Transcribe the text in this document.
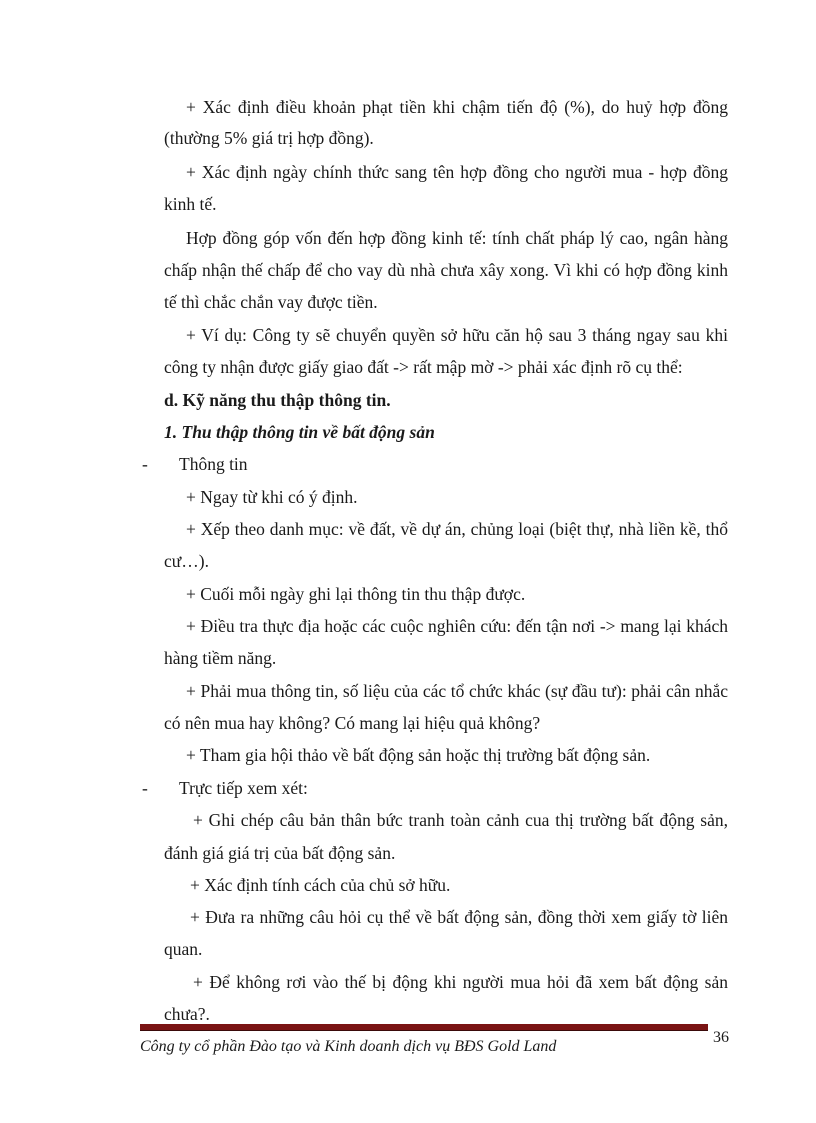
+ Xác định điều khoản phạt tiền khi chậm tiến độ (%), do huỷ hợp đồng
(thường 5% giá trị hợp đồng).
+ Xác định ngày chính thức sang tên hợp đồng cho người mua - hợp đồng
kinh tế.
Hợp đồng góp vốn đến hợp đồng kinh tế: tính chất pháp lý cao, ngân hàng
chấp nhận thế chấp để cho vay dù nhà chưa xây xong. Vì khi có hợp đồng kinh
tế thì chắc chắn vay được tiền.
+ Ví dụ: Công ty sẽ chuyển quyền sở hữu căn hộ sau 3 tháng ngay sau khi
công ty nhận được giấy giao đất -> rất mập mờ -> phải xác định rõ cụ thể:
d. Kỹ năng thu thập thông tin.
1. Thu thập thông tin về bất động sản
- Thông tin
+ Ngay từ khi có ý định.
+ Xếp theo danh mục: về đất, về dự án, chủng loại (biệt thự, nhà liền kề, thổ
cư…).
+ Cuối mỗi ngày ghi lại thông tin thu thập được.
+ Điều tra thực địa hoặc các cuộc nghiên cứu: đến tận nơi -> mang lại khách
hàng tiềm năng.
+ Phải mua thông tin, số liệu của các tổ chức khác (sự đầu tư): phải cân nhắc
có nên mua hay không? Có mang lại hiệu quả không?
+ Tham gia hội thảo về bất động sản hoặc thị trường bất động sản.
- Trực tiếp xem xét:
+ Ghi chép câu bản thân bức tranh toàn cảnh cua thị trường bất động sản,
đánh giá giá trị của bất động sản.
+ Xác định tính cách của chủ sở hữu.
+ Đưa ra những câu hỏi cụ thể về bất động sản, đồng thời xem giấy tờ liên
quan.
+ Để không rơi vào thế bị động khi người mua hỏi đã xem bất động sản
chưa?.
36
Công ty cổ phần Đào tạo và Kinh doanh dịch vụ BĐS Gold Land
